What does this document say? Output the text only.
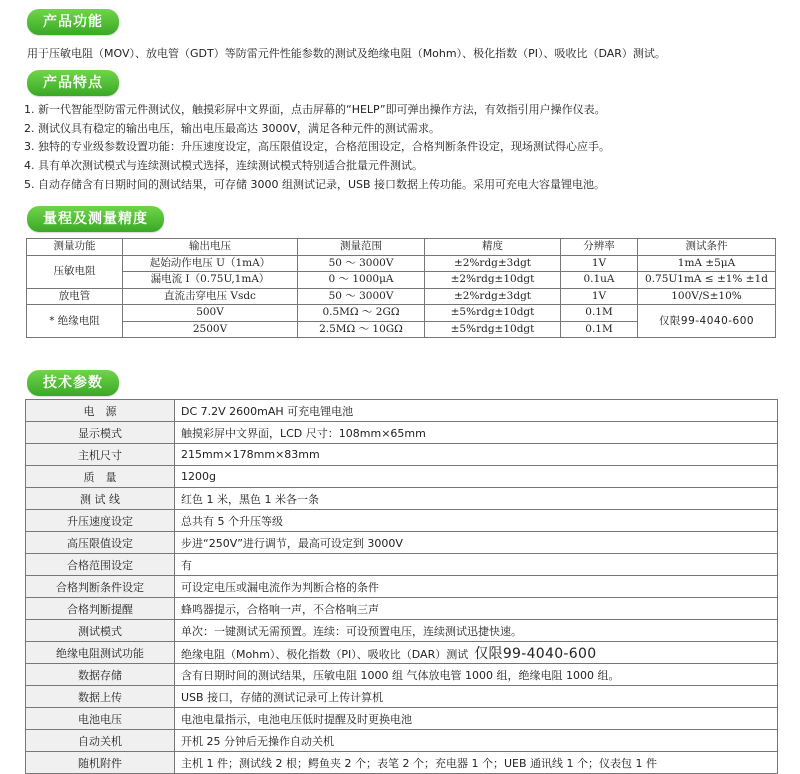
产品功能
用于压敏电阻（MOV）、放电管（GDT）等防雷元件性能参数的测试及绝缘电阻（Mohm）、极化指数（PI）、吸收比（DAR）测试。
产品特点
1. 新一代智能型防雷元件测试仪，触摸彩屏中文界面，点击屏幕的“HELP”即可弹出操作方法，有效指引用户操作仪表。
2. 测试仪具有稳定的输出电压，输出电压最高达 3000V，满足各种元件的测试需求。
3. 独特的专业级参数设置功能：升压速度设定，高压限值设定，合格范围设定，合格判断条件设定，现场测试得心应手。
4. 具有单次测试模式与连续测试模式选择，连续测试模式特别适合批量元件测试。
5. 自动存储含有日期时间的测试结果，可存储 3000 组测试记录，USB 接口数据上传功能。采用可充电大容量锂电池。
量程及测量精度
测量功能	输出电压	测量范围	精度	分辨率	测试条件
压敏电阻	起始动作电压 U（1mA）	50 ～ 3000V	±2%rdg±3dgt	1V	1mA ±5μA
	漏电流 I（0.75U,1mA）	0 ～ 1000μA	±2%rdg±10dgt	0.1uA	0.75U1mA ≤ ±1% ±1d
放电管	直流击穿电压 Vsdc	50 ～ 3000V	±2%rdg±3dgt	1V	100V/S±10%
* 绝缘电阻	500V	0.5MΩ ～ 2GΩ	±5%rdg±10dgt	0.1M	仅限99-4040-600
	2500V	2.5MΩ ～ 10GΩ	±5%rdg±10dgt	0.1M	
技术参数
电　源	DC 7.2V 2600mAH 可充电锂电池
显示模式	触摸彩屏中文界面，LCD 尺寸：108mm×65mm
主机尺寸	215mm×178mm×83mm
质　量	1200g
测 试 线	红色 1 米，黑色 1 米各一条
升压速度设定	总共有 5 个升压等级
高压限值设定	步进“250V”进行调节，最高可设定到 3000V
合格范围设定	有
合格判断条件设定	可设定电压或漏电流作为判断合格的条件
合格判断提醒	蜂鸣器提示，合格响一声，不合格响三声
测试模式	单次：一键测试无需预置。连续：可设预置电压，连续测试迅捷快速。
绝缘电阻测试功能	绝缘电阻（Mohm）、极化指数（PI）、吸收比（DAR）测试 仅限99-4040-600
数据存储	含有日期时间的测试结果，压敏电阻 1000 组 气体放电管 1000 组，绝缘电阻 1000 组。
数据上传	USB 接口，存储的测试记录可上传计算机
电池电压	电池电量指示，电池电压低时提醒及时更换电池
自动关机	开机 25 分钟后无操作自动关机
随机附件	主机 1 件；测试线 2 根；鳄鱼夹 2 个；表笔 2 个；充电器 1 个；UEB 通讯线 1 个；仪表包 1 件
